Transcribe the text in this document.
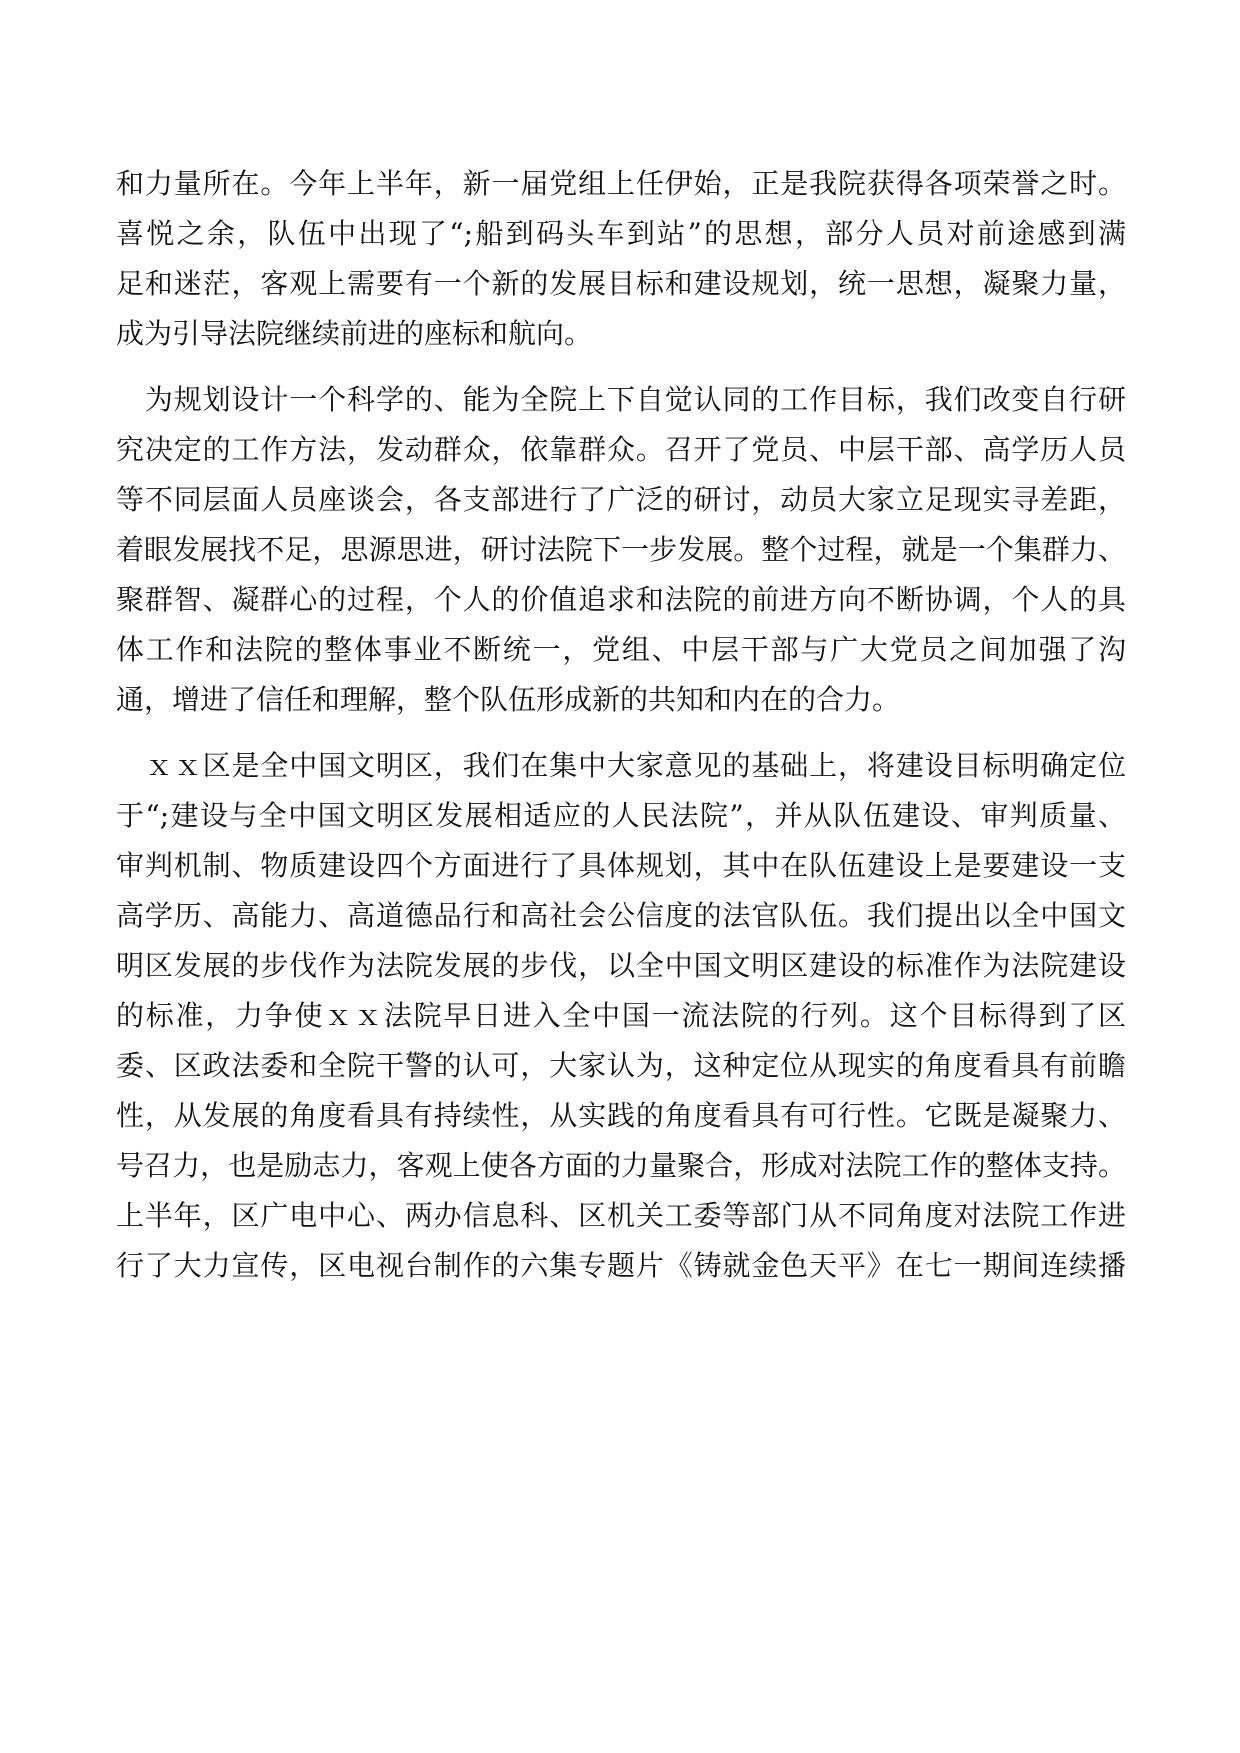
和力量所在。今年上半年，新一届党组上任伊始，正是我院获得各项荣誉之时。
喜悦之余，队伍中出现了“;船到码头车到站”的思想，部分人员对前途感到满
足和迷茫，客观上需要有一个新的发展目标和建设规划，统一思想，凝聚力量，
成为引导法院继续前进的座标和航向。
　为规划设计一个科学的、能为全院上下自觉认同的工作目标，我们改变自行研
究决定的工作方法，发动群众，依靠群众。召开了党员、中层干部、高学历人员
等不同层面人员座谈会，各支部进行了广泛的研讨，动员大家立足现实寻差距，
着眼发展找不足，思源思进，研讨法院下一步发展。整个过程，就是一个集群力、
聚群智、凝群心的过程，个人的价值追求和法院的前进方向不断协调，个人的具
体工作和法院的整体事业不断统一，党组、中层干部与广大党员之间加强了沟
通，增进了信任和理解，整个队伍形成新的共知和内在的合力。
　ｘｘ区是全中国文明区，我们在集中大家意见的基础上，将建设目标明确定位
于“;建设与全中国文明区发展相适应的人民法院”，并从队伍建设、审判质量、
审判机制、物质建设四个方面进行了具体规划，其中在队伍建设上是要建设一支
高学历、高能力、高道德品行和高社会公信度的法官队伍。我们提出以全中国文
明区发展的步伐作为法院发展的步伐，以全中国文明区建设的标准作为法院建设
的标准，力争使ｘｘ法院早日进入全中国一流法院的行列。这个目标得到了区
委、区政法委和全院干警的认可，大家认为，这种定位从现实的角度看具有前瞻
性，从发展的角度看具有持续性，从实践的角度看具有可行性。它既是凝聚力、
号召力，也是励志力，客观上使各方面的力量聚合，形成对法院工作的整体支持。
上半年，区广电中心、两办信息科、区机关工委等部门从不同角度对法院工作进
行了大力宣传，区电视台制作的六集专题片《铸就金色天平》在七一期间连续播
